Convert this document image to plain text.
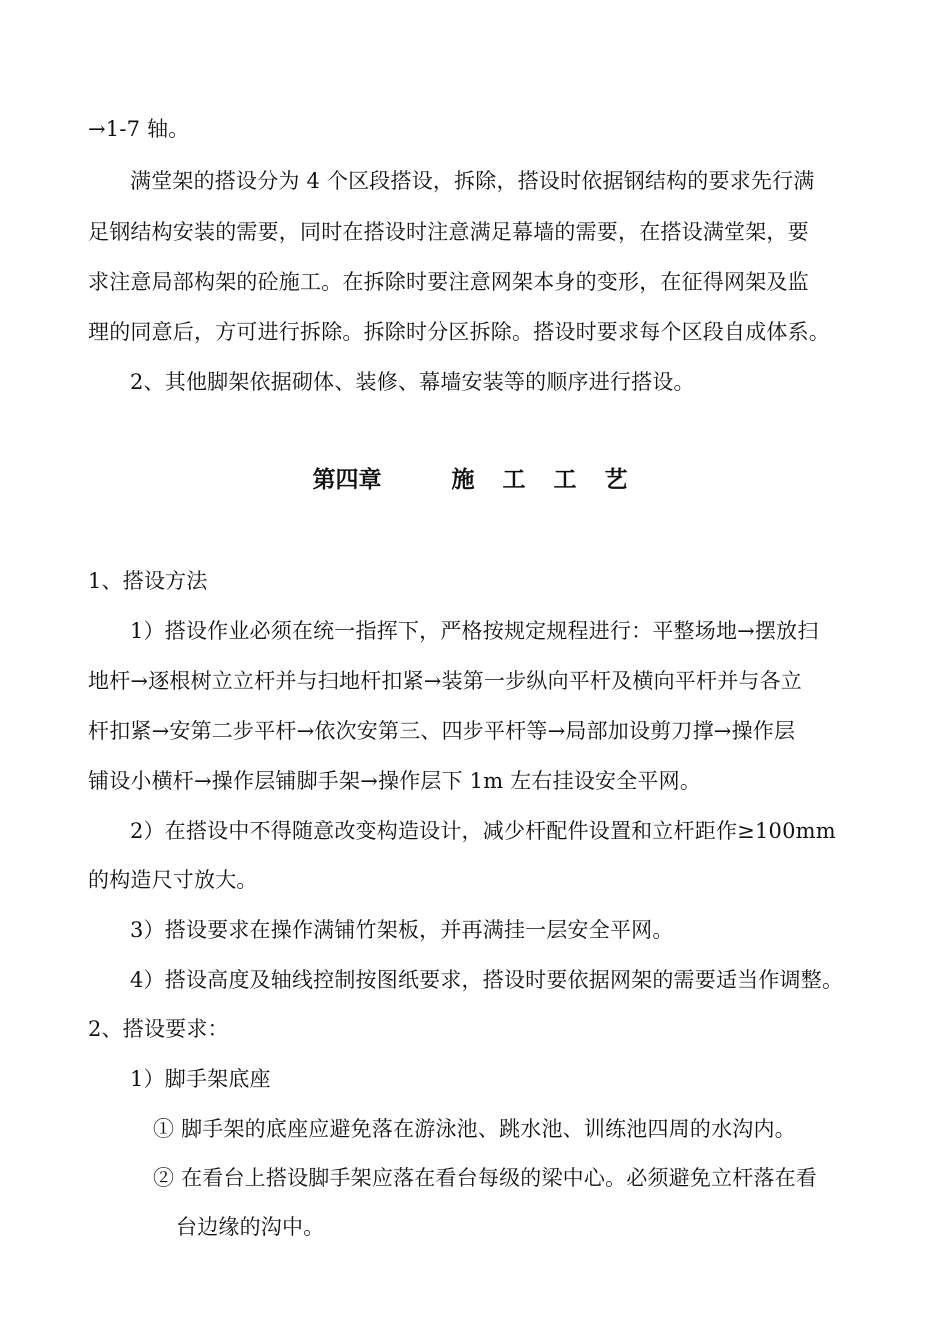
→1-7 轴。
满堂架的搭设分为 4 个区段搭设，拆除，搭设时依据钢结构的要求先行满
足钢结构安装的需要，同时在搭设时注意满足幕墙的需要，在搭设满堂架，要
求注意局部构架的砼施工。在拆除时要注意网架本身的变形，在征得网架及监
理的同意后，方可进行拆除。拆除时分区拆除。搭设时要求每个区段自成体系。
2、其他脚架依据砌体、装修、幕墙安装等的顺序进行搭设。
第四章	施 工 工 艺
1、搭设方法
1）搭设作业必须在统一指挥下，严格按规定规程进行：平整场地→摆放扫
地杆→逐根树立立杆并与扫地杆扣紧→装第一步纵向平杆及横向平杆并与各立
杆扣紧→安第二步平杆→依次安第三、四步平杆等→局部加设剪刀撑→操作层
铺设小横杆→操作层铺脚手架→操作层下 1m 左右挂设安全平网。
2）在搭设中不得随意改变构造设计，减少杆配件设置和立杆距作≥100mm
的构造尺寸放大。
3）搭设要求在操作满铺竹架板，并再满挂一层安全平网。
4）搭设高度及轴线控制按图纸要求，搭设时要依据网架的需要适当作调整。
2、搭设要求：
1）脚手架底座
① 脚手架的底座应避免落在游泳池、跳水池、训练池四周的水沟内。
② 在看台上搭设脚手架应落在看台每级的梁中心。必须避免立杆落在看
台边缘的沟中。
